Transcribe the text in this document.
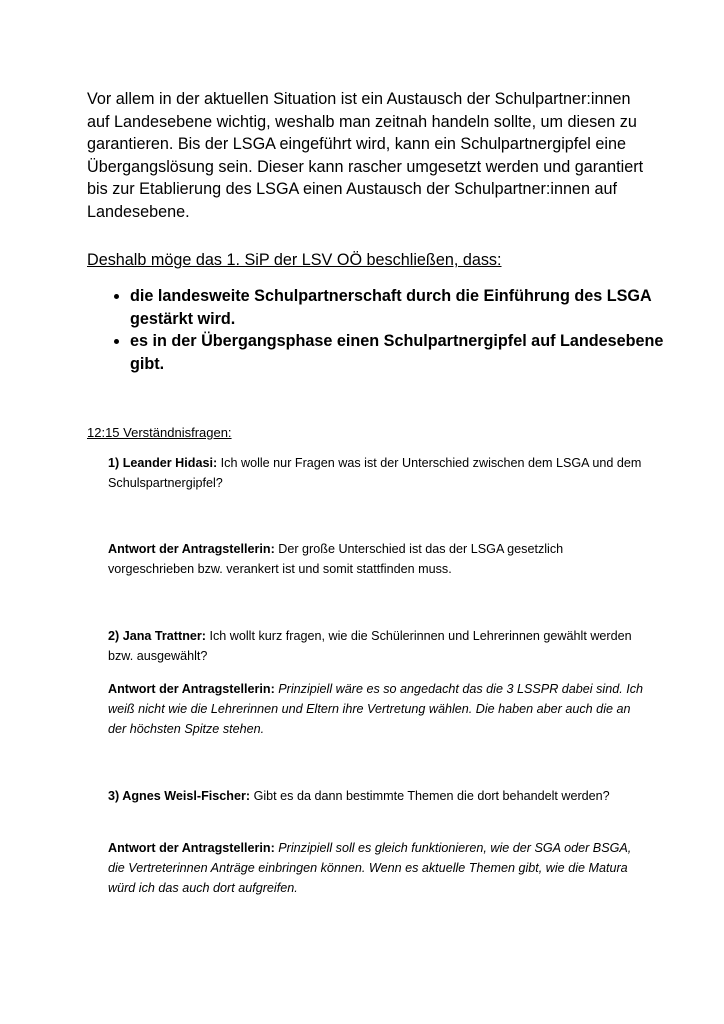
Vor allem in der aktuellen Situation ist ein Austausch der Schulpartner:innen auf Landesebene wichtig, weshalb man zeitnah handeln sollte, um diesen zu garantieren. Bis der LSGA eingeführt wird, kann ein Schulpartnergipfel eine Übergangslösung sein. Dieser kann rascher umgesetzt werden und garantiert bis zur Etablierung des LSGA einen Austausch der Schulpartner:innen auf Landesebene.

Deshalb möge das 1. SiP der LSV OÖ beschließen, dass:

• die landesweite Schulpartnerschaft durch die Einführung des LSGA gestärkt wird.
• es in der Übergangsphase einen Schulpartnergipfel auf Landesebene gibt.

12:15 Verständnisfragen:

1) Leander Hidasi: Ich wolle nur Fragen was ist der Unterschied zwischen dem LSGA und dem Schulspartnergipfel?

Antwort der Antragstellerin: Der große Unterschied ist das der LSGA gesetzlich vorgeschrieben bzw. verankert ist und somit stattfinden muss.

2) Jana Trattner: Ich wollt kurz fragen, wie die Schülerinnen und Lehrerinnen gewählt werden bzw. ausgewählt?

Antwort der Antragstellerin: Prinzipiell wäre es so angedacht das die 3 LSSPR dabei sind. Ich weiß nicht wie die Lehrerinnen und Eltern ihre Vertretung wählen. Die haben aber auch die an der höchsten Spitze stehen.

3) Agnes Weisl-Fischer: Gibt es da dann bestimmte Themen die dort behandelt werden?

Antwort der Antragstellerin: Prinzipiell soll es gleich funktionieren, wie der SGA oder BSGA, die Vertreterinnen Anträge einbringen können. Wenn es aktuelle Themen gibt, wie die Matura würd ich das auch dort aufgreifen.
